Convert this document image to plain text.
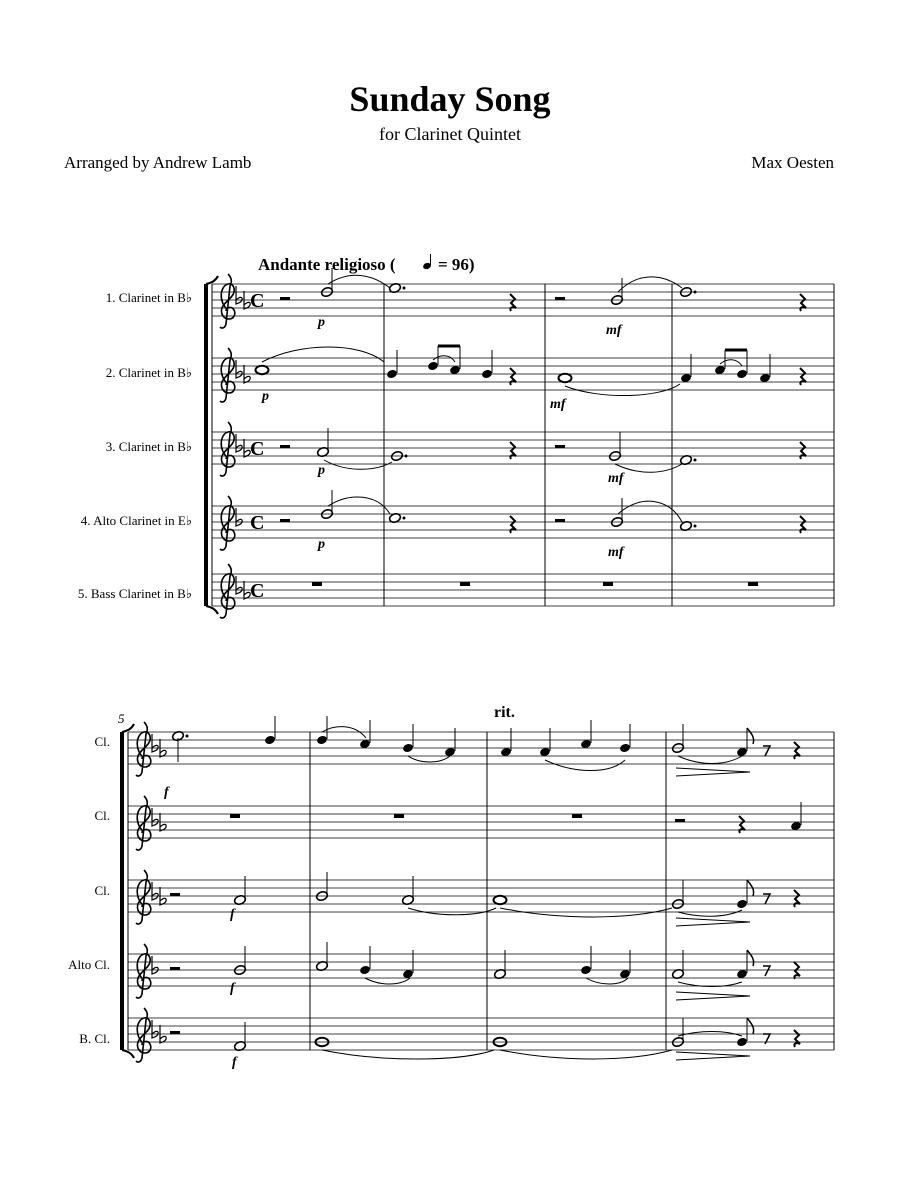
Sunday Song
for Clarinet Quintet
Arranged by Andrew Lamb	Max Oesten
Andante religioso ( = 96)
1. Clarinet in B♭
2. Clarinet in B♭
3. Clarinet in B♭
4. Alto Clarinet in E♭
5. Bass Clarinet in B♭
C
C
C
C
p
mf
p
mf
p
mf
p
mf
5	rit.
Cl.
Cl.
Cl.
Alto Cl.
B. Cl.
f
f
f
f
